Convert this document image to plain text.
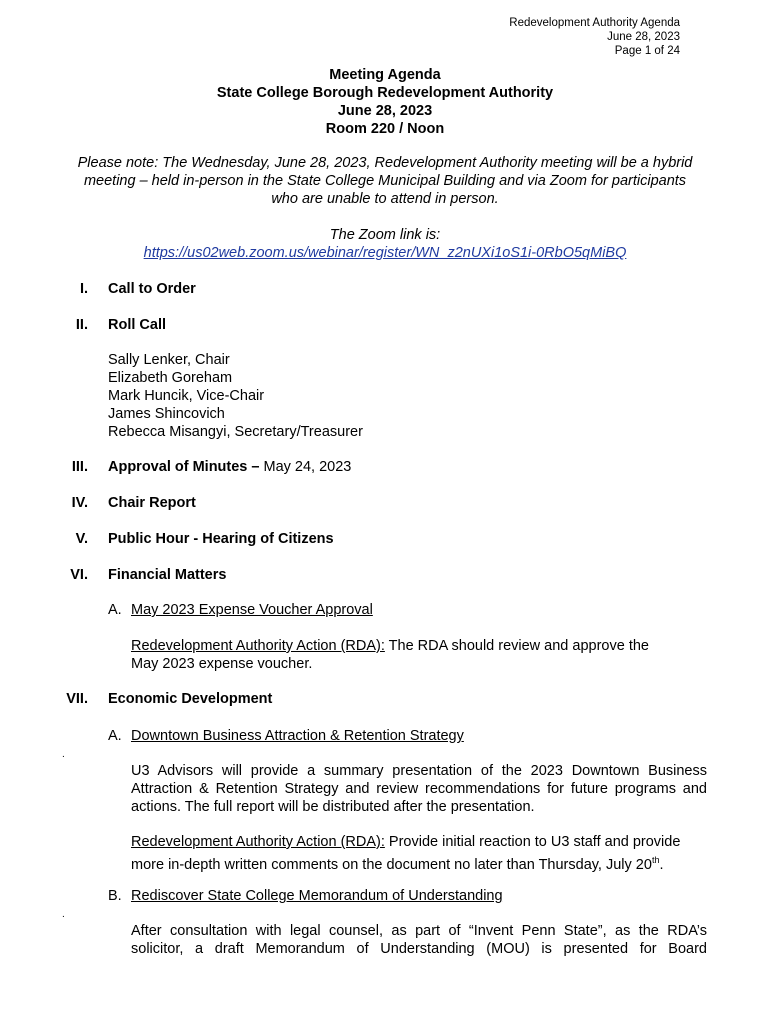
Redevelopment Authority Agenda
June 28, 2023
Page 1 of 24
Meeting Agenda
State College Borough Redevelopment Authority
June 28, 2023
Room 220 / Noon
Please note: The Wednesday, June 28, 2023, Redevelopment Authority meeting will be a hybrid
meeting – held in-person in the State College Municipal Building and via Zoom for participants
who are unable to attend in person.
The Zoom link is:
https://us02web.zoom.us/webinar/register/WN_z2nUXi1oS1i-0RbO5qMiBQ
I. Call to Order
II. Roll Call
Sally Lenker, Chair
Elizabeth Goreham
Mark Huncik, Vice-Chair
James Shincovich
Rebecca Misangyi, Secretary/Treasurer
III. Approval of Minutes – May 24, 2023
IV. Chair Report
V. Public Hour - Hearing of Citizens
VI. Financial Matters
A. May 2023 Expense Voucher Approval
Redevelopment Authority Action (RDA): The RDA should review and approve the
May 2023 expense voucher.
VII. Economic Development
A. Downtown Business Attraction & Retention Strategy
.
U3 Advisors will provide a summary presentation of the 2023 Downtown Business
Attraction & Retention Strategy and review recommendations for future programs and
actions. The full report will be distributed after the presentation.
Redevelopment Authority Action (RDA): Provide initial reaction to U3 staff and provide
more in-depth written comments on the document no later than Thursday, July 20th.
B. Rediscover State College Memorandum of Understanding
.
After consultation with legal counsel, as part of “Invent Penn State”, as the RDA’s
solicitor, a draft Memorandum of Understanding (MOU) is presented for Board
